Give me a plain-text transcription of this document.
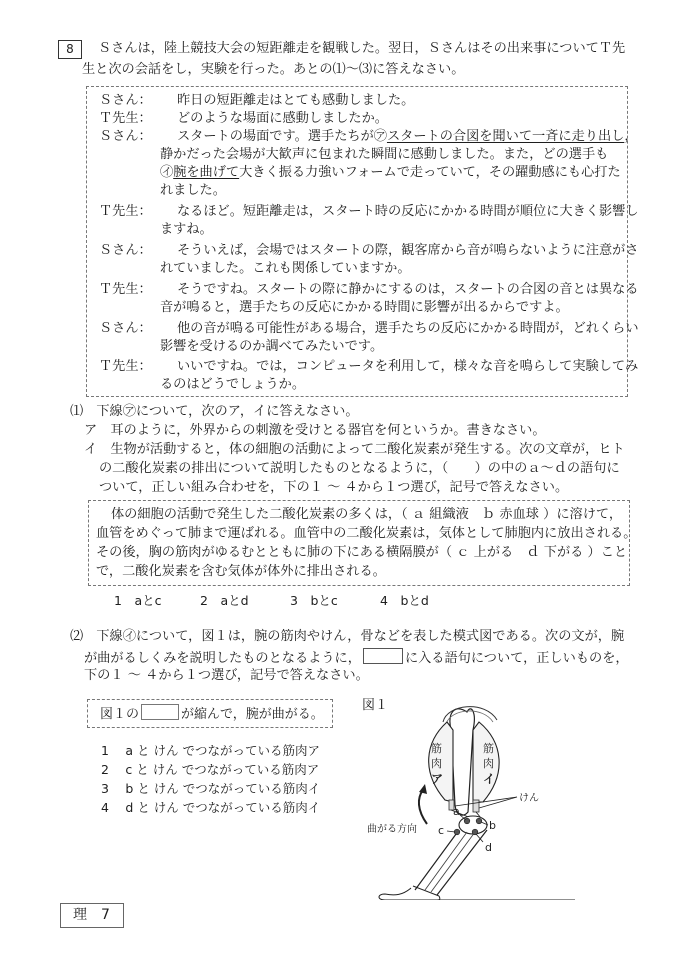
8	Ｓさんは，陸上競技大会の短距離走を観戦した。翌日，Ｓさんはその出来事についてＴ先
生と次の会話をし，実験を行った。あとの⑴～⑶に答えなさい。
Ｓさん： 昨日の短距離走はとても感動しました。
Ｔ先生： どのような場面に感動しましたか。
Ｓさん： スタートの場面です。選手たちが㋐スタートの合図を聞いて一斉に走り出し，
静かだった会場が大歓声に包まれた瞬間に感動しました。また，どの選手も
㋑腕を曲げて大きく振る力強いフォームで走っていて，その躍動感にも心打た
れました。
Ｔ先生： なるほど。短距離走は，スタート時の反応にかかる時間が順位に大きく影響し
ますね。
Ｓさん： そういえば，会場ではスタートの際，観客席から音が鳴らないように注意がさ
れていました。これも関係していますか。
Ｔ先生： そうですね。スタートの際に静かにするのは，スタートの合図の音とは異なる
音が鳴ると，選手たちの反応にかかる時間に影響が出るからですよ。
Ｓさん： 他の音が鳴る可能性がある場合，選手たちの反応にかかる時間が，どれくらい
影響を受けるのか調べてみたいです。
Ｔ先生： いいですね。では，コンピュータを利用して，様々な音を鳴らして実験してみ
るのはどうでしょうか。
⑴　下線㋐について，次のア，イに答えなさい。
ア　耳のように，外界からの刺激を受けとる器官を何というか。書きなさい。
イ　生物が活動すると，体の細胞の活動によって二酸化炭素が発生する。次の文章が，ヒト
の二酸化炭素の排出について説明したものとなるように，（　　）の中のａ～ｄの語句に
ついて，正しい組み合わせを，下の１ ～ ４から１つ選び，記号で答えなさい。
体の細胞の活動で発生した二酸化炭素の多くは，（ ａ 組織液　ｂ 赤血球 ）に溶けて，
血管をめぐって肺まで運ばれる。血管中の二酸化炭素は，気体として肺胞内に放出される。
その後，胸の筋肉がゆるむとともに肺の下にある横隔膜が（ ｃ 上がる　ｄ 下がる ）こと
で，二酸化炭素を含む気体が体外に排出される。
1　aとc	2　aとd	3　bとc	4　bとd
⑵　下線㋑について，図１は，腕の筋肉やけん，骨などを表した模式図である。次の文が，腕
が曲がるしくみを説明したものとなるように，	に入る語句について，正しいものを，
下の１ ～ ４から１つ選び，記号で答えなさい。
図１の	が縮んで，腕が曲がる。
1　 a と けん でつながっている筋肉ア
2　 c と けん でつながっている筋肉ア
3　 b と けん でつながっている筋肉イ
4　 d と けん でつながっている筋肉イ
図１
筋
肉
ア
筋
肉
イ
けん
a
b
c
d
曲がる方向
理 7
